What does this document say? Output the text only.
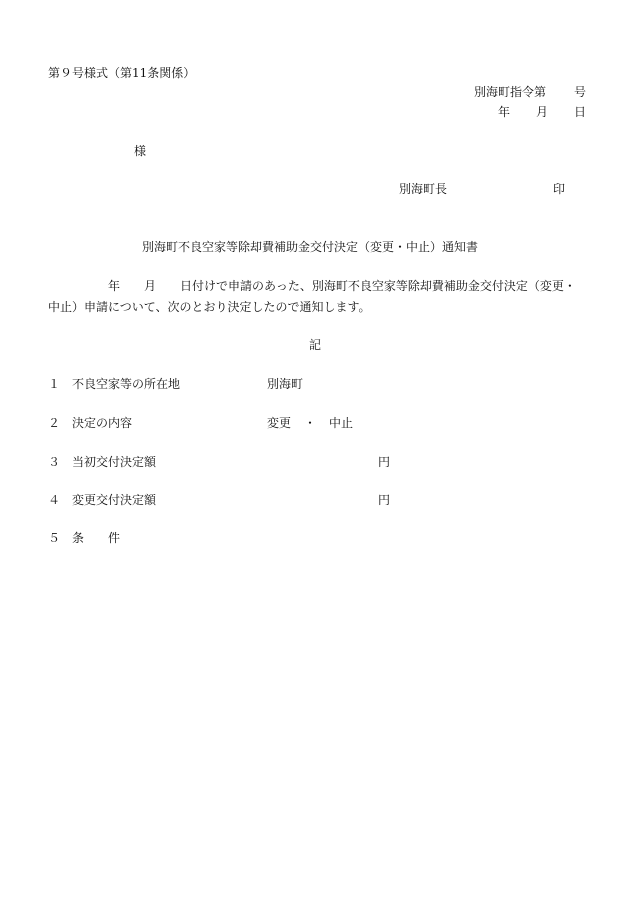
第９号様式（第11条関係）
別海町指令第 号
年 月 日
様
別海町長	印
別海町不良空家等除却費補助金交付決定（変更・中止）通知書
年 月 日付けで申請のあった、別海町不良空家等除却費補助金交付決定（変更・
中止）申請について、次のとおり決定したので通知します。
記
１ 不良空家等の所在地	別海町
２ 決定の内容	変更 ・ 中止
３ 当初交付決定額	円
４ 変更交付決定額	円
５ 条 件
